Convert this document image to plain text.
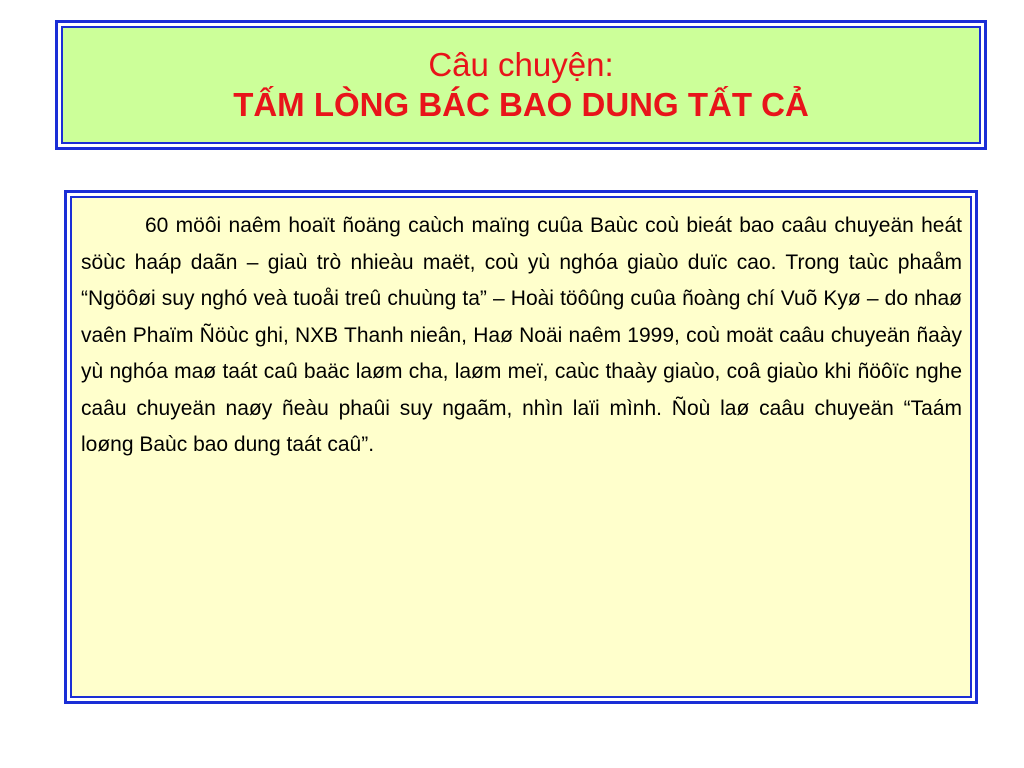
Câu chuyện:
TẤM LÒNG BÁC BAO DUNG TẤT CẢ

60 möôi naêm hoaït ñoäng caùch maïng cuûa Baùc coù bieát bao caâu chuyeän heát söùc haáp daãn – giaù trò nhieàu maët, coù yù nghóa giaùo duïc cao. Trong taùc phaåm “Ngöôøi suy nghó veà tuoåi treû chuùng ta” – Hoài töôûng cuûa ñoàng chí Vuõ Kyø – do nhaø vaên Phaïm Ñöùc ghi, NXB Thanh nieân, Haø Noäi naêm 1999, coù moät caâu chuyeän ñaày yù nghóa maø taát caû baäc laøm cha, laøm meï, caùc thaày giaùo, coâ giaùo khi ñöôïc nghe caâu chuyeän naøy ñeàu phaûi suy ngaãm, nhìn laïi mình. Ñoù laø caâu chuyeän “Taám loøng Baùc bao dung taát caû”.
